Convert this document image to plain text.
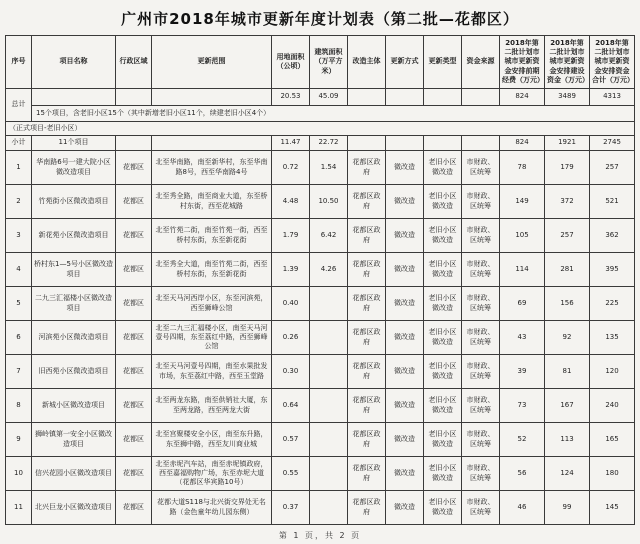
广州市2018年城市更新年度计划表（第二批—花都区）
序号	项目名称	行政区域	更新范围	用地面积（公顷）	建筑面积（万平方米）	改造主体	更新方式	更新类型	资金来源	2018年第二批计划市城市更新资金安排前期经费（万元）	2018年第二批计划市城市更新资金安排建设资金（万元）	2018年第二批计划市城市更新资金安排资金合计（万元）
总计				20.53	45.09					824	3489	4313
	15个项目，含老旧小区15个（其中新增老旧小区11个，续建老旧小区4个）											
（正式项目-老旧小区）												
小计	11个项目			11.47	22.72					824	1921	2745
1	华南路6号一建大院小区微改造项目	花都区	北至华南路，南至新华村，东至华南路8号，西至华南路4号	0.72	1.54	花都区政府	微改造	老旧小区微改造	市财政、区统筹	78	179	257
2	竹苑街小区微改造项目	花都区	北至秀全路，南至商业大道，东至桥村东街，西至花城路	4.48	10.50	花都区政府	微改造	老旧小区微改造	市财政、区统筹	149	372	521
3	新花苑小区微改造项目	花都区	北至竹苑二街，南至竹苑一街，西至桥村东街，东至新花街	1.79	6.42	花都区政府	微改造	老旧小区微改造	市财政、区统筹	105	257	362
4	桥村东1—5号小区微改造项目	花都区	北至秀全大道，南至竹苑二街，西至桥村东街，东至新花街	1.39	4.26	花都区政府	微改造	老旧小区微改造	市财政、区统筹	114	281	395
5	二九三汇福楼小区微改造项目	花都区	北至天马河西岸小区，东至河滨苑，西至狮峰公馆	0.40		花都区政府	微改造	老旧小区微改造	市财政、区统筹	69	156	225
6	河滨苑小区微改造项目	花都区	北至二九三汇福楼小区，南至天马河壹号四期，东至荔红中路，西至狮峰公馆	0.26		花都区政府	微改造	老旧小区微改造	市财政、区统筹	43	92	135
7	旧西苑小区微改造项目	花都区	北至天马河壹号四期，南至水果批发市场，东至荔红中路，西至玉堂路	0.30		花都区政府	微改造	老旧小区微改造	市财政、区统筹	39	81	120
8	新城小区微改造项目	花都区	北至两龙东路，南至供销社大厦，东至两龙路，西至两龙大街	0.64		花都区政府	微改造	老旧小区微改造	市财政、区统筹	73	167	240
9	狮岭镇第一安全小区微改造项目	花都区	北至宫聚楼安全小区，南至东升路，东至狮中路，西至友川商业城	0.57		花都区政府	微改造	老旧小区微改造	市财政、区统筹	52	113	165
10	信兴花园小区微改造项目	花都区	北至赤坭汽车站，南至赤坭镇政府，西至嘉福购物广场，东至赤坭大道（花都区华宾路10号）	0.55		花都区政府	微改造	老旧小区微改造	市财政、区统筹	56	124	180
11	北兴巨龙小区微改造项目	花都区	花都大道S118与北兴街交界处无名路（金色童年幼儿园东侧）	0.37		花都区政府	微改造	老旧小区微改造	市财政、区统筹	46	99	145
第 1 页，共 2 页
